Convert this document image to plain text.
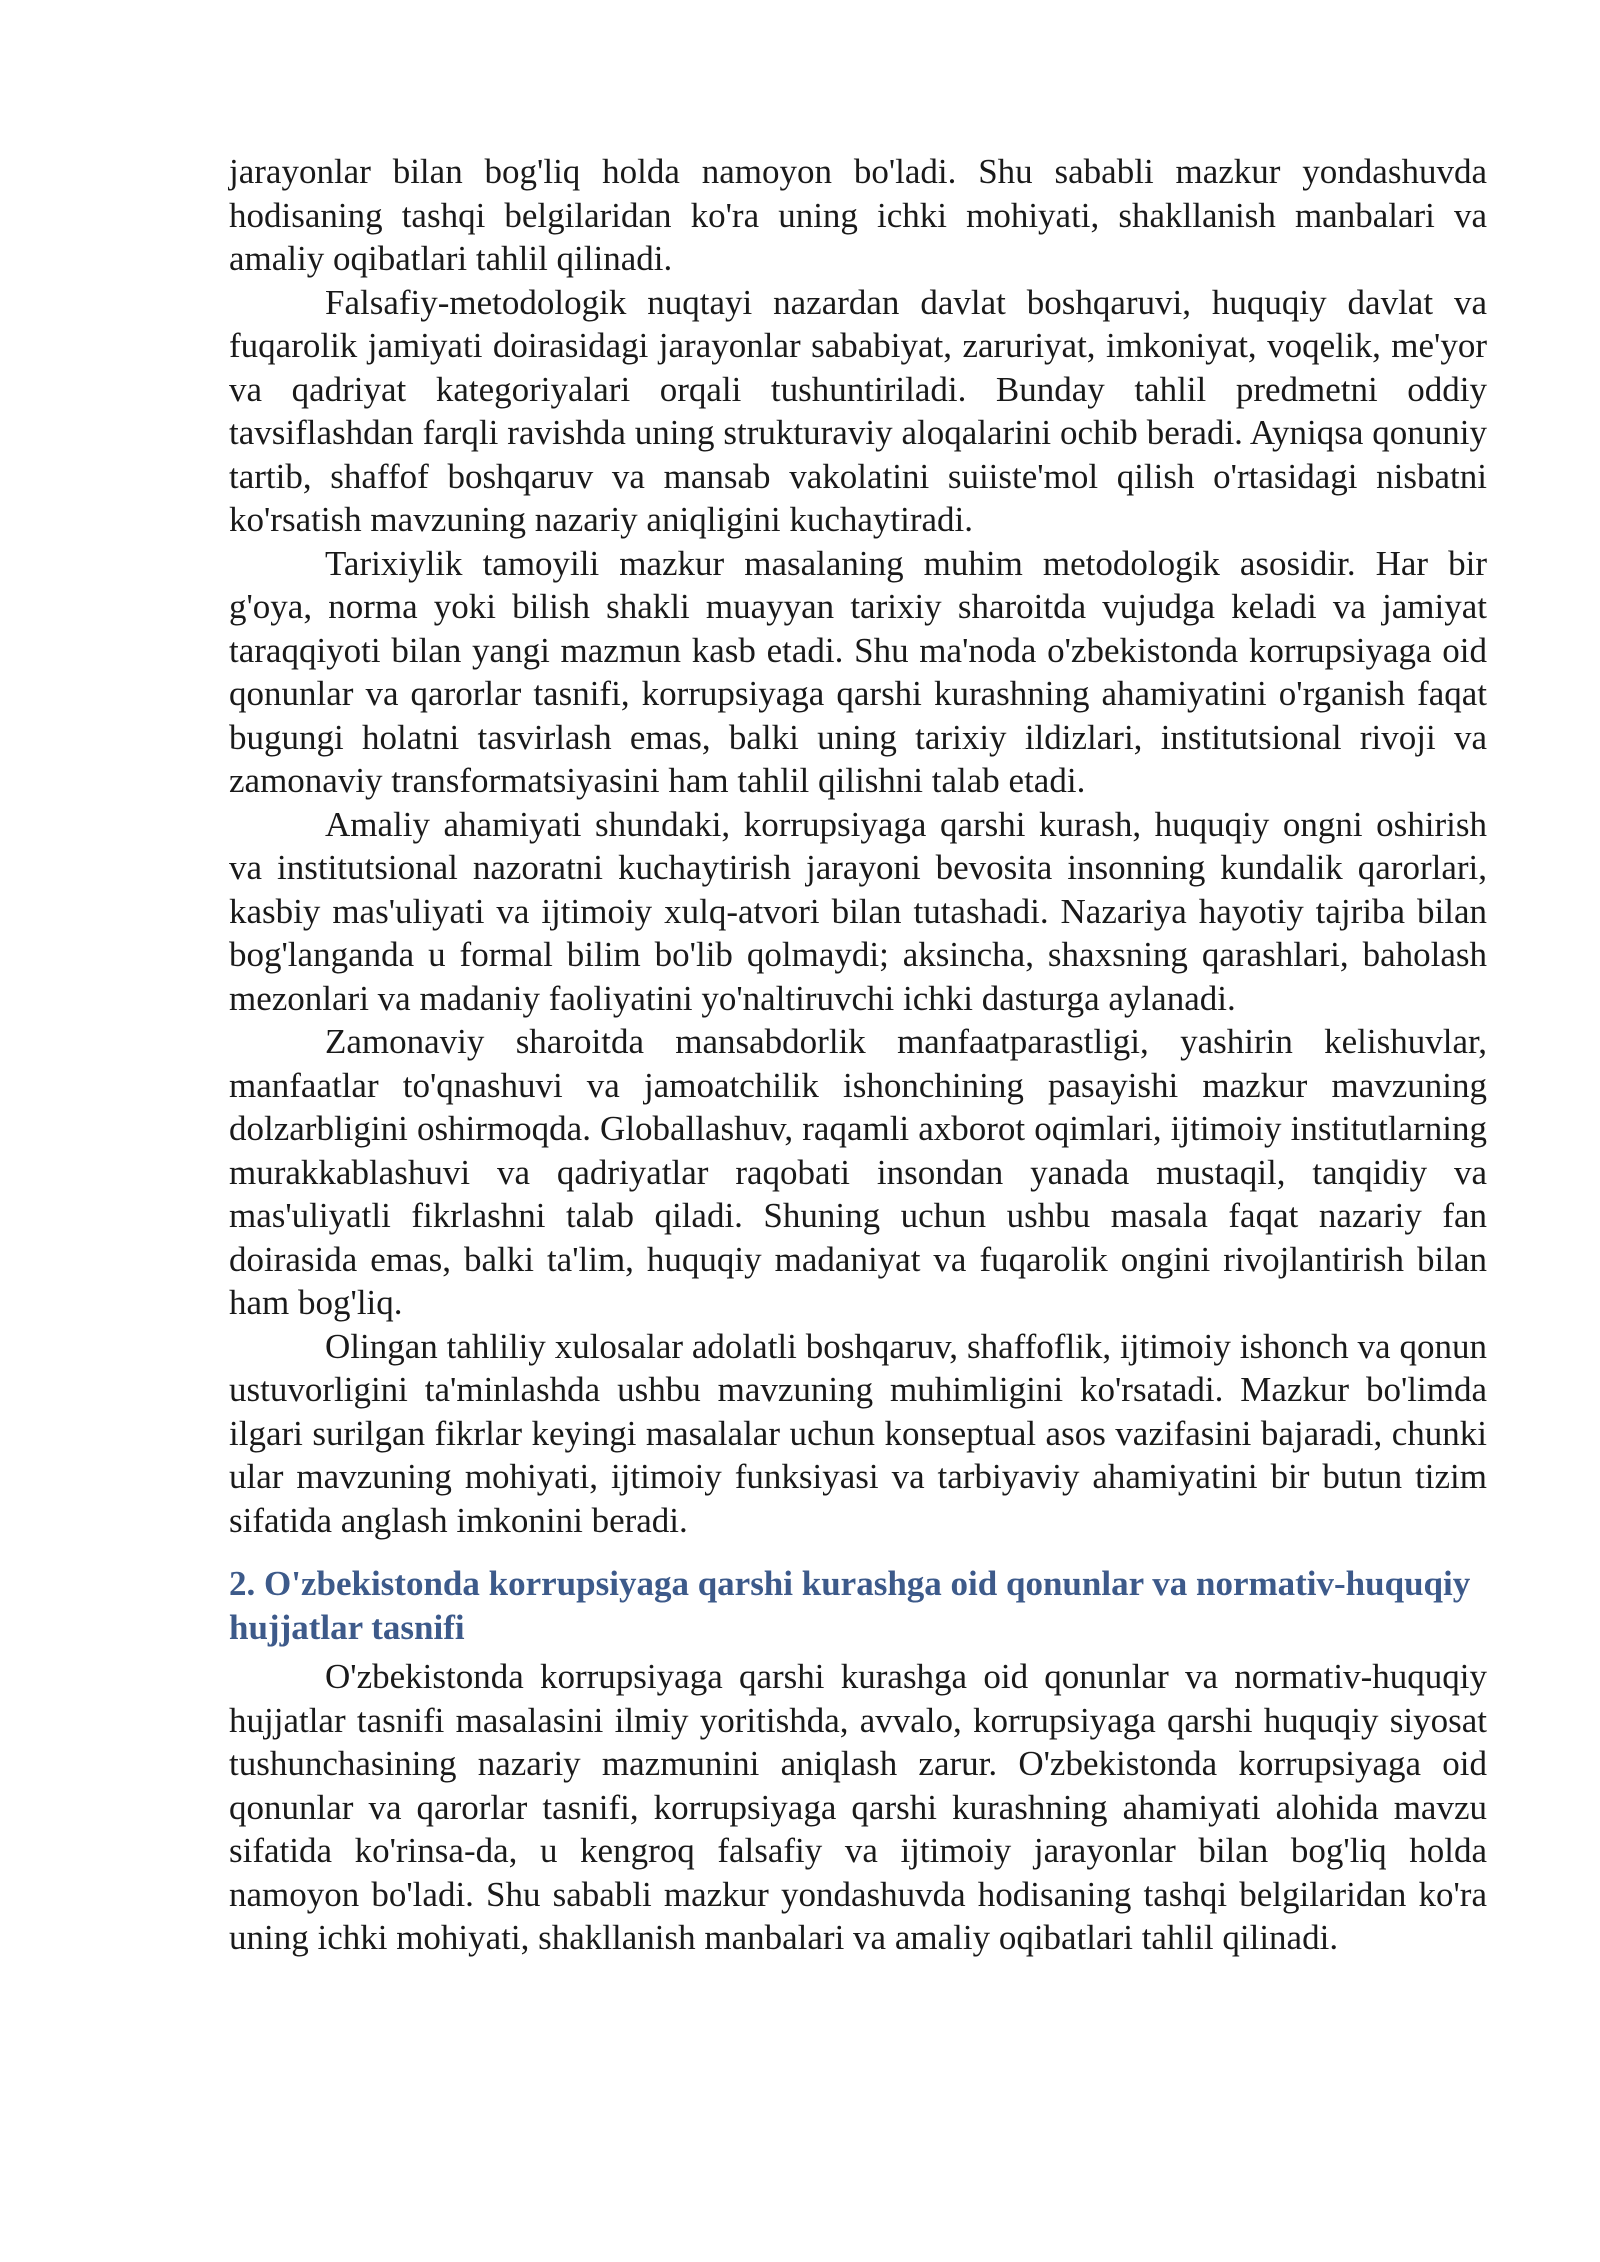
jarayonlar bilan bog'liq holda namoyon bo'ladi. Shu sababli mazkur yondashuvda hodisaning tashqi belgilaridan ko'ra uning ichki mohiyati, shakllanish manbalari va amaliy oqibatlari tahlil qilinadi.

Falsafiy-metodologik nuqtayi nazardan davlat boshqaruvi, huquqiy davlat va fuqarolik jamiyati doirasidagi jarayonlar sababiyat, zaruriyat, imkoniyat, voqelik, me'yor va qadriyat kategoriyalari orqali tushuntiriladi. Bunday tahlil predmetni oddiy tavsiflashdan farqli ravishda uning strukturaviy aloqalarini ochib beradi. Ayniqsa qonuniy tartib, shaffof boshqaruv va mansab vakolatini suiiste'mol qilish o'rtasidagi nisbatni ko'rsatish mavzuning nazariy aniqligini kuchaytiradi.

Tarixiylik tamoyili mazkur masalaning muhim metodologik asosidir. Har bir g'oya, norma yoki bilish shakli muayyan tarixiy sharoitda vujudga keladi va jamiyat taraqqiyoti bilan yangi mazmun kasb etadi. Shu ma'noda o'zbekistonda korrupsiyaga oid qonunlar va qarorlar tasnifi, korrupsiyaga qarshi kurashning ahamiyatini o'rganish faqat bugungi holatni tasvirlash emas, balki uning tarixiy ildizlari, institutsional rivoji va zamonaviy transformatsiyasini ham tahlil qilishni talab etadi.

Amaliy ahamiyati shundaki, korrupsiyaga qarshi kurash, huquqiy ongni oshirish va institutsional nazoratni kuchaytirish jarayoni bevosita insonning kundalik qarorlari, kasbiy mas'uliyati va ijtimoiy xulq-atvori bilan tutashadi. Nazariya hayotiy tajriba bilan bog'langanda u formal bilim bo'lib qolmaydi; aksincha, shaxsning qarashlari, baholash mezonlari va madaniy faoliyatini yo'naltiruvchi ichki dasturga aylanadi.

Zamonaviy sharoitda mansabdorlik manfaatparastligi, yashirin kelishuvlar, manfaatlar to'qnashuvi va jamoatchilik ishonchining pasayishi mazkur mavzuning dolzarbligini oshirmoqda. Globallashuv, raqamli axborot oqimlari, ijtimoiy institutlarning murakkablashuvi va qadriyatlar raqobati insondan yanada mustaqil, tanqidiy va mas'uliyatli fikrlashni talab qiladi. Shuning uchun ushbu masala faqat nazariy fan doirasida emas, balki ta'lim, huquqiy madaniyat va fuqarolik ongini rivojlantirish bilan ham bog'liq.

Olingan tahliliy xulosalar adolatli boshqaruv, shaffoflik, ijtimoiy ishonch va qonun ustuvorligini ta'minlashda ushbu mavzuning muhimligini ko'rsatadi. Mazkur bo'limda ilgari surilgan fikrlar keyingi masalalar uchun konseptual asos vazifasini bajaradi, chunki ular mavzuning mohiyati, ijtimoiy funksiyasi va tarbiyaviy ahamiyatini bir butun tizim sifatida anglash imkonini beradi.

2. O'zbekistonda korrupsiyaga qarshi kurashga oid qonunlar va normativ-huquqiy hujjatlar tasnifi

O'zbekistonda korrupsiyaga qarshi kurashga oid qonunlar va normativ-huquqiy hujjatlar tasnifi masalasini ilmiy yoritishda, avvalo, korrupsiyaga qarshi huquqiy siyosat tushunchasining nazariy mazmunini aniqlash zarur. O'zbekistonda korrupsiyaga oid qonunlar va qarorlar tasnifi, korrupsiyaga qarshi kurashning ahamiyati alohida mavzu sifatida ko'rinsa-da, u kengroq falsafiy va ijtimoiy jarayonlar bilan bog'liq holda namoyon bo'ladi. Shu sababli mazkur yondashuvda hodisaning tashqi belgilaridan ko'ra uning ichki mohiyati, shakllanish manbalari va amaliy oqibatlari tahlil qilinadi.
